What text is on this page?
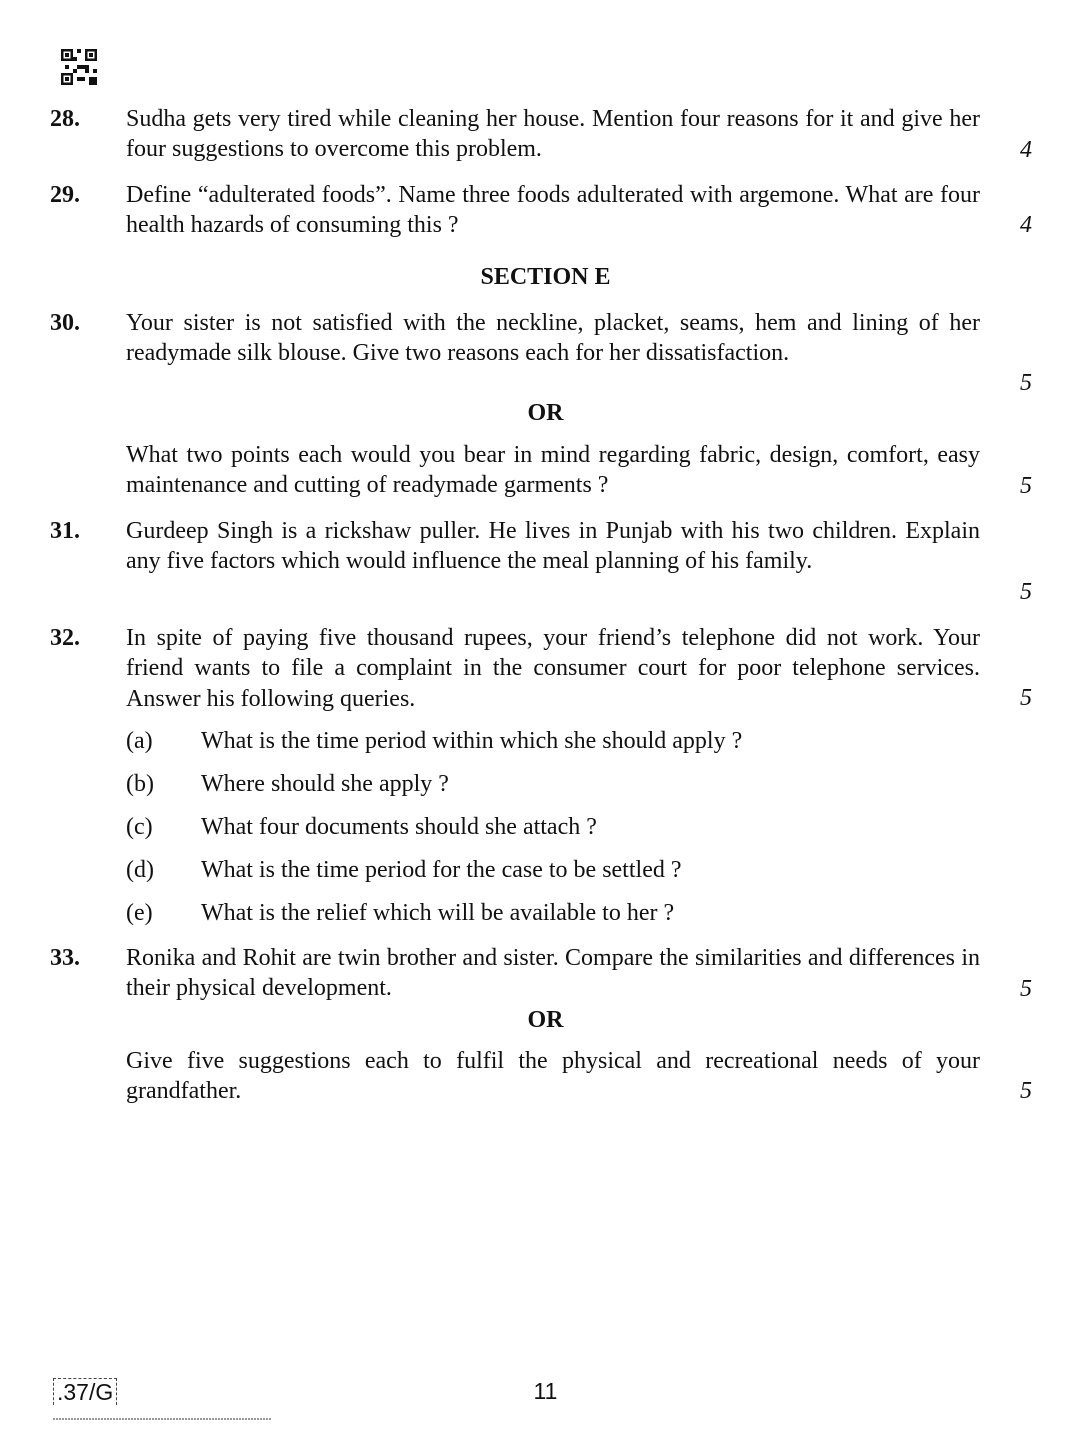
28. Sudha gets very tired while cleaning her house. Mention four reasons for it and give her four suggestions to overcome this problem.	4
29. Define “adulterated foods”. Name three foods adulterated with argemone. What are four health hazards of consuming this ?	4
SECTION E
30. Your sister is not satisfied with the neckline, placket, seams, hem and lining of her readymade silk blouse. Give two reasons each for her dissatisfaction.
5
OR
What two points each would you bear in mind regarding fabric, design, comfort, easy maintenance and cutting of readymade garments ?	5
31. Gurdeep Singh is a rickshaw puller. He lives in Punjab with his two children. Explain any five factors which would influence the meal planning of his family.
5
32. In spite of paying five thousand rupees, your friend’s telephone did not work. Your friend wants to file a complaint in the consumer court for poor telephone services. Answer his following queries.	5
(a) What is the time period within which she should apply ?
(b) Where should she apply ?
(c) What four documents should she attach ?
(d) What is the time period for the case to be settled ?
(e) What is the relief which will be available to her ?
33. Ronika and Rohit are twin brother and sister. Compare the similarities and differences in their physical development.	5
OR
Give five suggestions each to fulfil the physical and recreational needs of your grandfather.	5
.37/G	11
